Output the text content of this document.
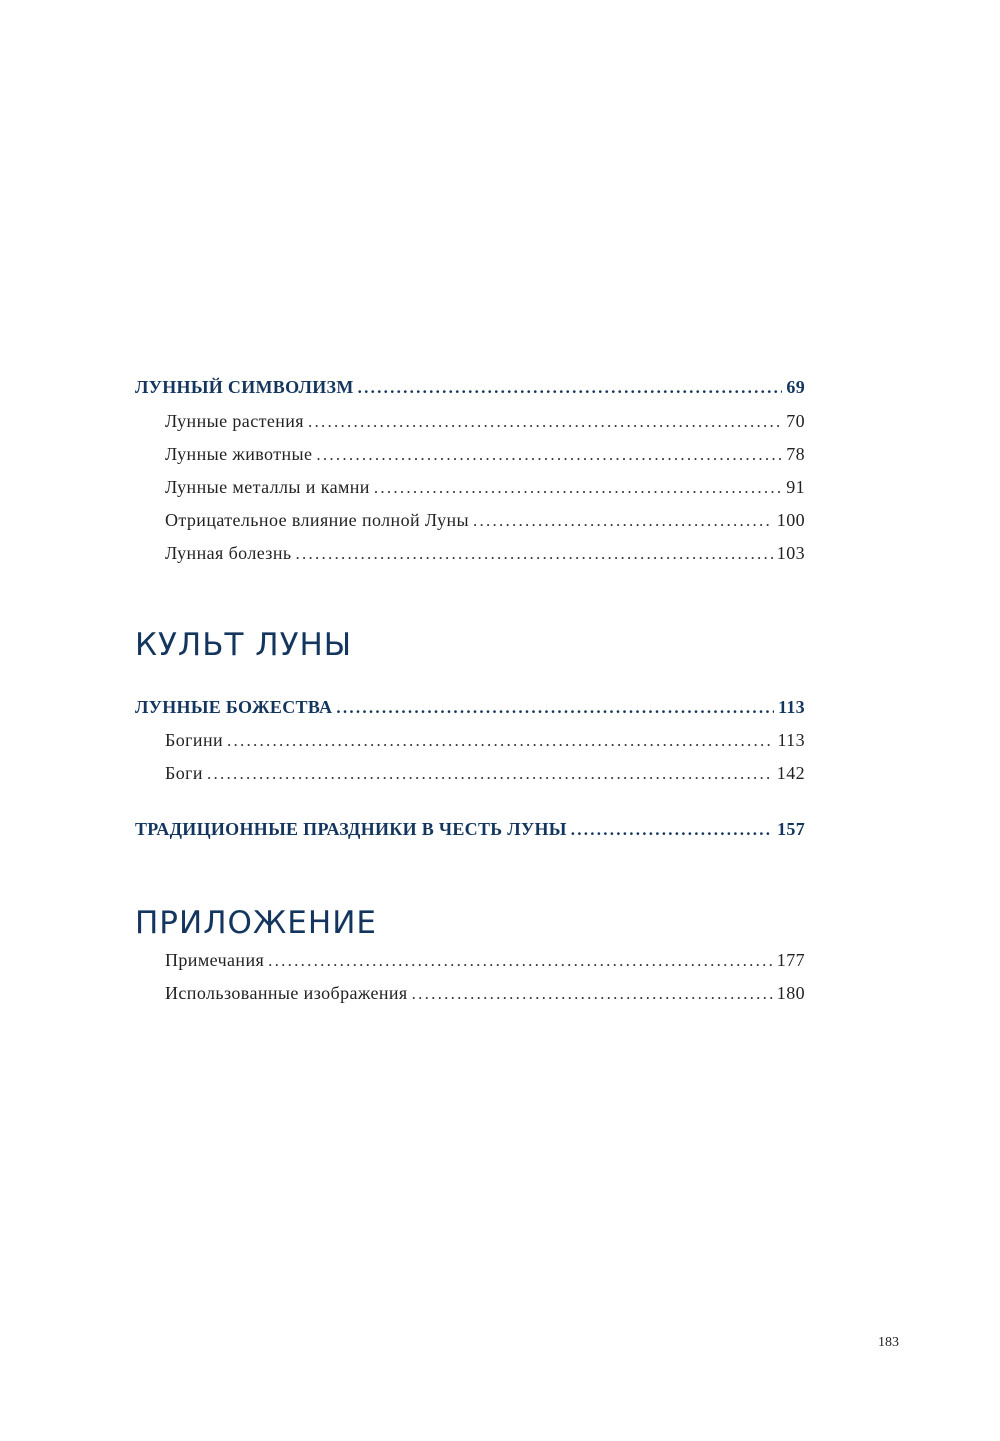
ЛУННЫЙ СИМВОЛИЗМ . . .	69
Лунные растения . . .	70
Лунные животные . . .	78
Лунные металлы и камни . . .	91
Отрицательное влияние полной Луны . . .	100
Лунная болезнь . . .	103
КУЛЬТ ЛУНЫ
ЛУННЫЕ БОЖЕСТВА . . .	113
Богини . . .	113
Боги . . .	142
ТРАДИЦИОННЫЕ ПРАЗДНИКИ В ЧЕСТЬ ЛУНЫ . . .	157
ПРИЛОЖЕНИЕ
Примечания . . .	177
Использованные изображения . . .	180
183
